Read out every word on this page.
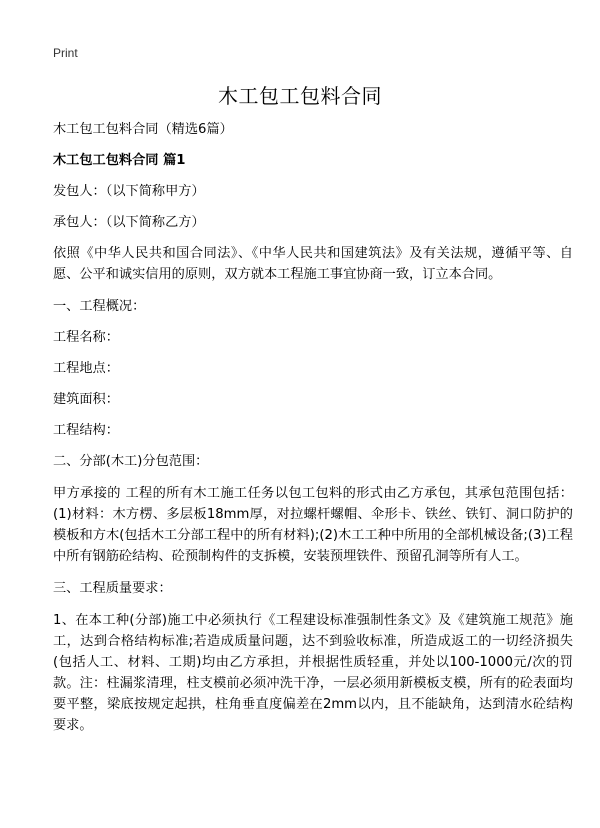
Print
木工包工包料合同

木工包工包料合同（精选6篇）

木工包工包料合同 篇1

发包人：（以下简称甲方）

承包人：（以下简称乙方）

依照《中华人民共和国合同法》、《中华人民共和国建筑法》及有关法规，遵循平等、自愿、公平和诚实信用的原则，双方就本工程施工事宜协商一致，订立本合同。

一、工程概况：

工程名称：

工程地点：

建筑面积：

工程结构：

二、分部(木工)分包范围：

甲方承接的 工程的所有木工施工任务以包工包料的形式由乙方承包，其承包范围包括：(1)材料：木方楞、多层板18mm厚，对拉螺杆螺帽、伞形卡、铁丝、铁钉、洞口防护的模板和方木(包括木工分部工程中的所有材料);(2)木工工种中所用的全部机械设备;(3)工程中所有钢筋砼结构、砼预制构件的支拆模，安装预埋铁件、预留孔洞等所有人工。

三、工程质量要求：

1、在本工种(分部)施工中必须执行《工程建设标准强制性条文》及《建筑施工规范》施工，达到合格结构标准;若造成质量问题，达不到验收标准，所造成返工的一切经济损失(包括人工、材料、工期)均由乙方承担，并根据性质轻重，并处以100-1000元/次的罚款。注：柱漏浆清理，柱支模前必须冲洗干净，一层必须用新模板支模，所有的砼表面均要平整，梁底按规定起拱，柱角垂直度偏差在2mm以内，且不能缺角，达到清水砼结构要求。
